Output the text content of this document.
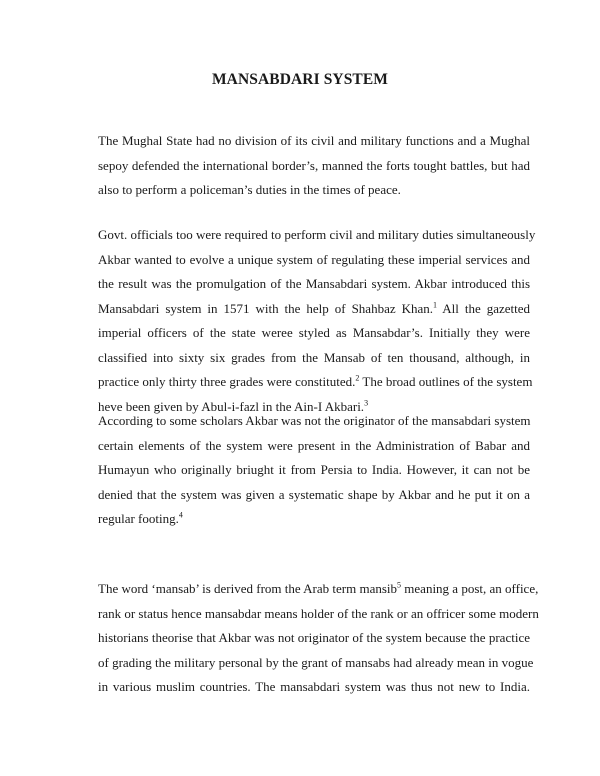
MANSABDARI SYSTEM
The Mughal State had no division of its civil and military functions and a Mughal
sepoy defended the international border’s, manned the forts tought battles, but had
also to perform a policeman’s duties in the times of peace.
Govt. officials too were required to perform civil and military duties simultaneously
Akbar wanted to evolve a unique system of regulating these imperial services and
the result was the promulgation of the Mansabdari system. Akbar introduced this
Mansabdari system in 1571 with the help of Shahbaz Khan.$^1$ All the gazetted
imperial officers of the state weree styled as Mansabdar’s. Initially they were
classified into sixty six grades from the Mansab of ten thousand, although, in
practice only thirty three grades were constituted.$^2$ The broad outlines of the system
heve been given by Abul-i-fazl in the Ain-I Akbari.$^3$
According to some scholars Akbar was not the originator of the mansabdari system
certain elements of the system were present in the Administration of Babar and
Humayun who originally briught it from Persia to India. However, it can not be
denied that the system was given a systematic shape by Akbar and he put it on a
regular footing.$^4$
The word ‘mansab’ is derived from the Arab term mansib$^5$ meaning a post, an office,
rank or status hence mansabdar means holder of the rank or an offricer some modern
historians theorise that Akbar was not originator of the system because the practice
of grading the military personal by the grant of mansabs had already mean in vogue
in various muslim countries. The mansabdari system was thus not new to India.
